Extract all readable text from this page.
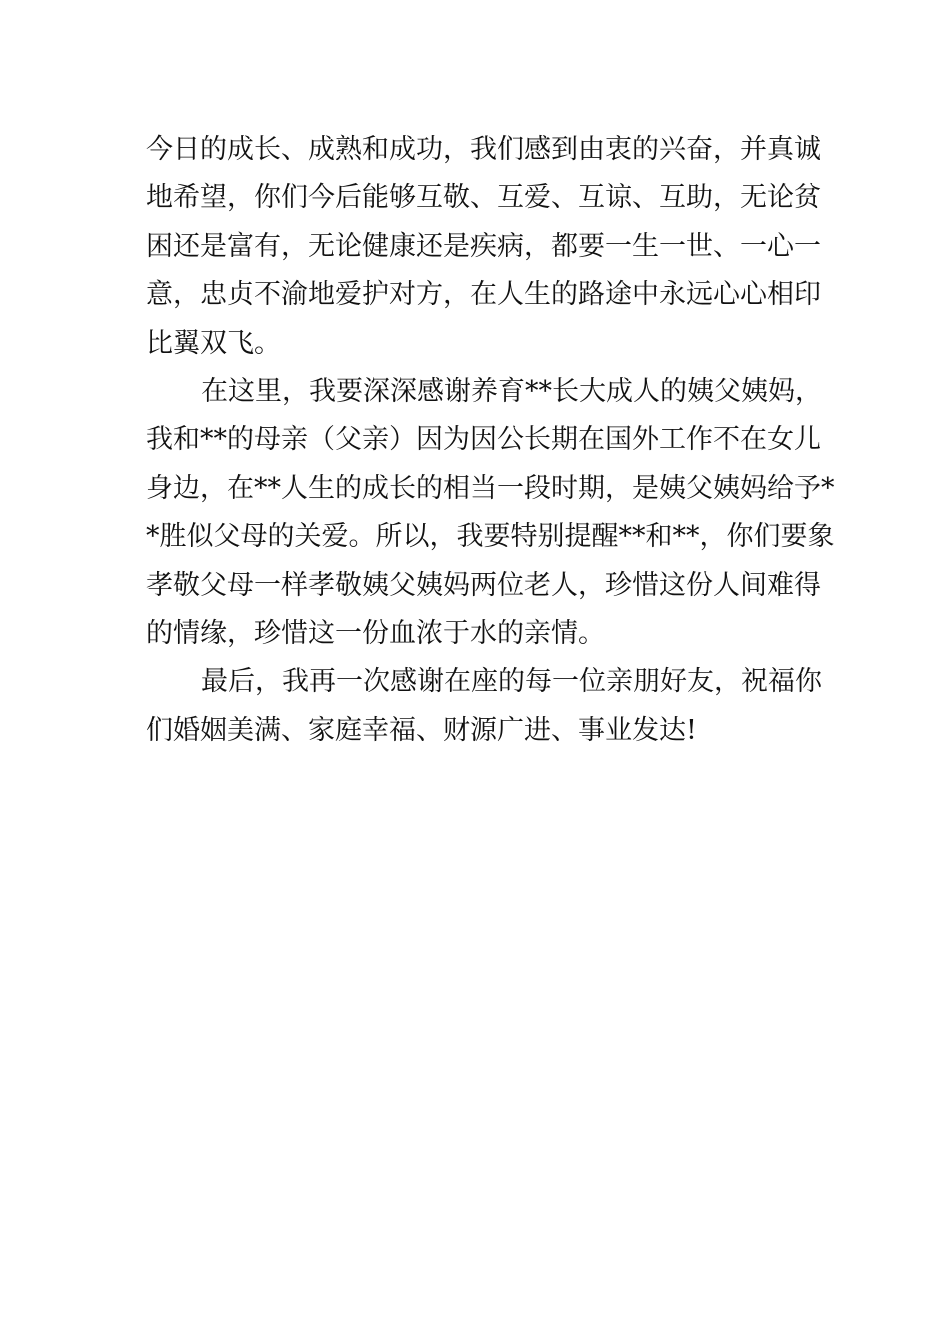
今日的成长、成熟和成功，我们感到由衷的兴奋，并真诚
地希望，你们今后能够互敬、互爱、互谅、互助，无论贫
困还是富有，无论健康还是疾病，都要一生一世、一心一
意，忠贞不渝地爱护对方，在人生的路途中永远心心相印
比翼双飞。
在这里，我要深深感谢养育**长大成人的姨父姨妈，
我和**的母亲（父亲）因为因公长期在国外工作不在女儿
身边，在**人生的成长的相当一段时期，是姨父姨妈给予*
*胜似父母的关爱。所以，我要特别提醒**和**，你们要象
孝敬父母一样孝敬姨父姨妈两位老人，珍惜这份人间难得
的情缘，珍惜这一份血浓于水的亲情。
最后，我再一次感谢在座的每一位亲朋好友，祝福你
们婚姻美满、家庭幸福、财源广进、事业发达!
